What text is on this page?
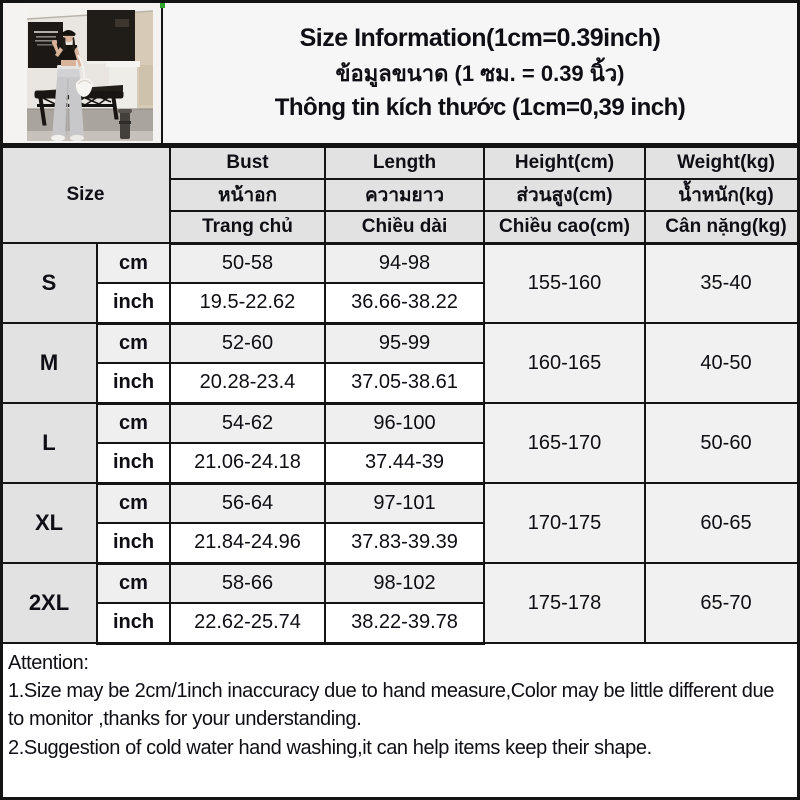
Size Information(1cm=0.39inch)
ข้อมูลขนาด (1 ซม. = 0.39 นิ้ว)
Thông tin kích thước (1cm=0,39 inch)
Size		Bust	Length	Height(cm)	Weight(kg)
		หน้าอก	ความยาว	ส่วนสูง(cm)	น้ำหนัก(kg)
		Trang chủ	Chiều dài	Chiều cao(cm)	Cân nặng(kg)
S	cm	50-58	94-98	155-160	35-40
	inch	19.5-22.62	36.66-38.22		
M	cm	52-60	95-99	160-165	40-50
	inch	20.28-23.4	37.05-38.61		
L	cm	54-62	96-100	165-170	50-60
	inch	21.06-24.18	37.44-39		
XL	cm	56-64	97-101	170-175	60-65
	inch	21.84-24.96	37.83-39.39		
2XL	cm	58-66	98-102	175-178	65-70
	inch	22.62-25.74	38.22-39.78		
Attention:
1.Size may be 2cm/1inch inaccuracy due to hand measure,Color may be little different due to monitor ,thanks for your understanding.
2.Suggestion of cold water hand washing,it can help items keep their shape.
